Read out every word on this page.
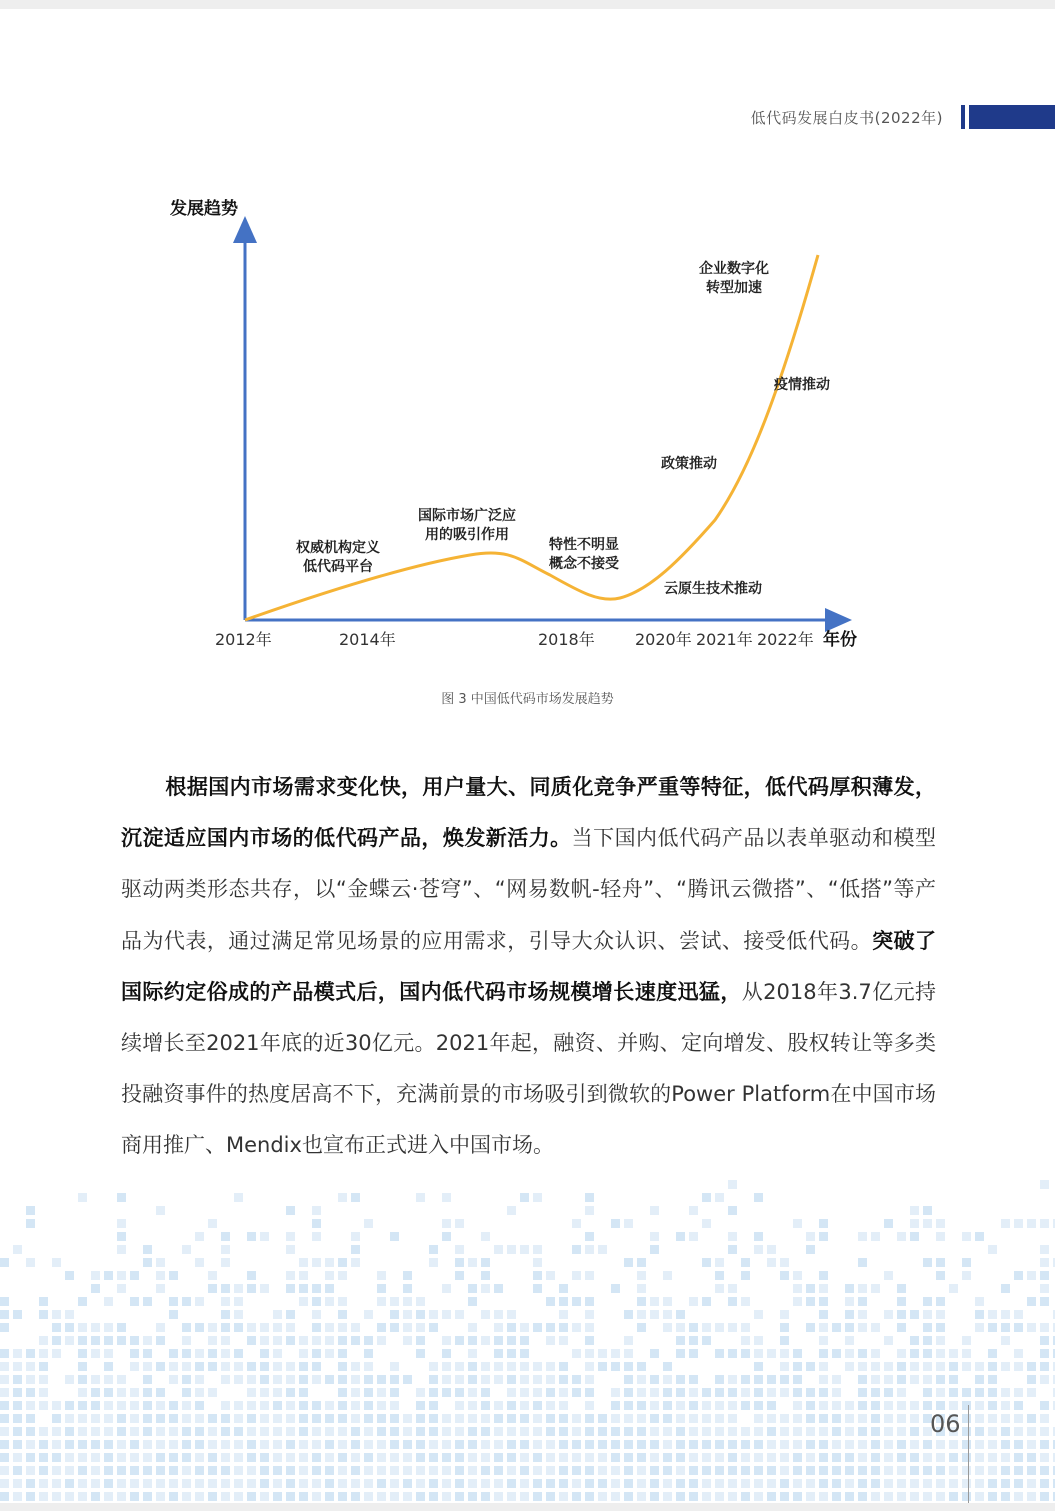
低代码发展白皮书(2022年)
发展趋势
年份
2012年	2014年	2018年	2020年 2021年 2022年
权威机构定义
低代码平台
国际市场广泛应
用的吸引作用
特性不明显
概念不接受
云原生技术推动
政策推动
疫情推动
企业数字化
转型加速
图 3 中国低代码市场发展趋势
根据国内市场需求变化快，用户量大、同质化竞争严重等特征，低代码厚积薄发，沉淀适应国内市场的低代码产品，焕发新活力。当下国内低代码产品以表单驱动和模型驱动两类形态共存，以“金蝶云·苍穹”、“网易数帆-轻舟”、“腾讯云微搭”、“低搭”等产品为代表，通过满足常见场景的应用需求，引导大众认识、尝试、接受低代码。突破了国际约定俗成的产品模式后，国内低代码市场规模增长速度迅猛，从2018年3.7亿元持续增长至2021年底的近30亿元。2021年起，融资、并购、定向增发、股权转让等多类投融资事件的热度居高不下，充满前景的市场吸引到微软的Power Platform在中国市场商用推广、Mendix也宣布正式进入中国市场。
06
